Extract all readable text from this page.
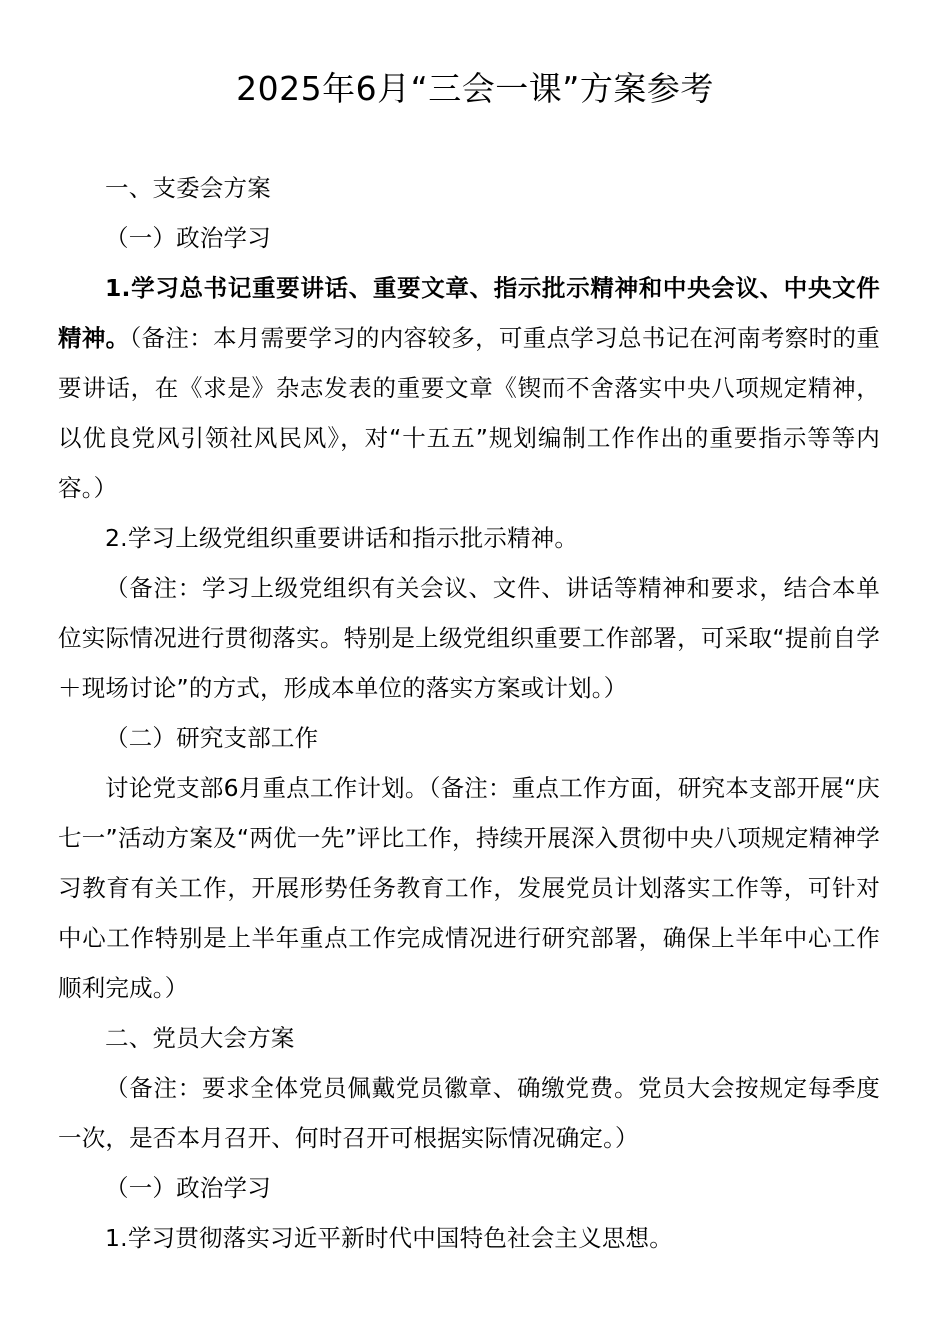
2025年6月“三会一课”方案参考

一、支委会方案

（一）政治学习

1.学习总书记重要讲话、重要文章、指示批示精神和中央会议、中央文件精神。（备注：本月需要学习的内容较多，可重点学习总书记在河南考察时的重要讲话，在《求是》杂志发表的重要文章《锲而不舍落实中央八项规定精神，以优良党风引领社风民风》，对“十五五”规划编制工作作出的重要指示等等内容。）

2.学习上级党组织重要讲话和指示批示精神。

（备注：学习上级党组织有关会议、文件、讲话等精神和要求，结合本单位实际情况进行贯彻落实。特别是上级党组织重要工作部署，可采取“提前自学＋现场讨论”的方式，形成本单位的落实方案或计划。）

（二）研究支部工作

讨论党支部6月重点工作计划。（备注：重点工作方面，研究本支部开展“庆七一”活动方案及“两优一先”评比工作，持续开展深入贯彻中央八项规定精神学习教育有关工作，开展形势任务教育工作，发展党员计划落实工作等，可针对中心工作特别是上半年重点工作完成情况进行研究部署，确保上半年中心工作顺利完成。）

二、党员大会方案

（备注：要求全体党员佩戴党员徽章、确缴党费。党员大会按规定每季度一次，是否本月召开、何时召开可根据实际情况确定。）

（一）政治学习

1.学习贯彻落实习近平新时代中国特色社会主义思想。
